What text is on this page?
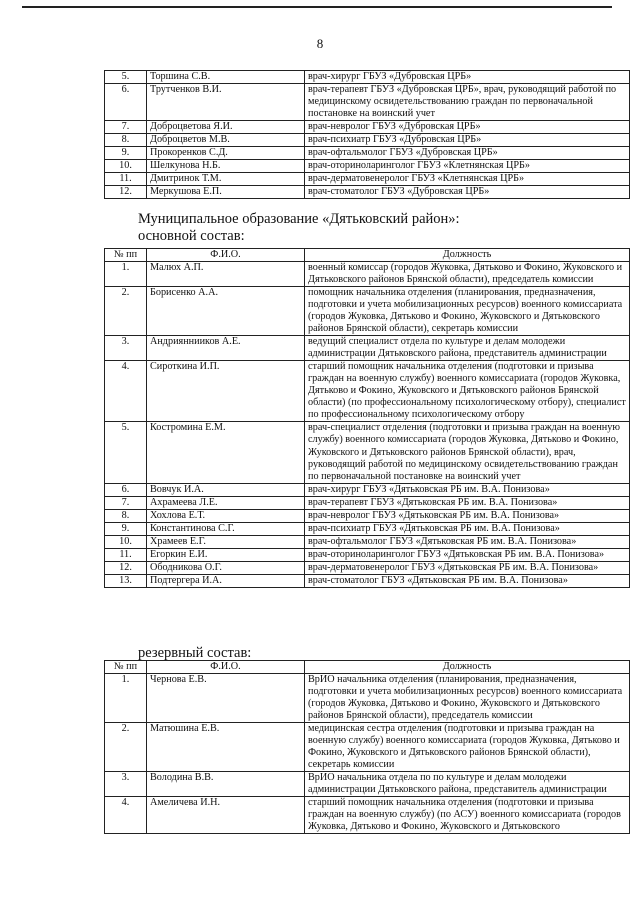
8
5.	Торшина С.В.	врач-хирург ГБУЗ «Дубровская ЦРБ»
6.	Трутченков В.И.	врач-терапевт ГБУЗ «Дубровская ЦРБ», врач, руководящий работой по медицинскому освидетельствованию граждан по первоначальной постановке на воинский учет
7.	Доброцветова Я.И.	врач-невролог ГБУЗ «Дубровская ЦРБ»
8.	Доброцветов М.В.	врач-психиатр ГБУЗ «Дубровская ЦРБ»
9.	Прокоренков С.Д.	врач-офтальмолог ГБУЗ «Дубровская ЦРБ»
10.	Шелкунова Н.Б.	врач-оториноларинголог ГБУЗ «Клетнянская ЦРБ»
11.	Дмитринок Т.М.	врач-дерматовенеролог ГБУЗ «Клетнянская ЦРБ»
12.	Меркушова Е.П.	врач-стоматолог ГБУЗ «Дубровская ЦРБ»
Муниципальное образование «Дятьковский район»:
основной состав:
№ пп	Ф.И.О.	Должность
1.	Малюх А.П.	военный комиссар (городов Жуковка, Дятьково и Фокино, Жуковского и Дятьковского районов Брянской области), председатель комиссии
2.	Борисенко А.А.	помощник начальника отделения (планирования, предназначения, подготовки и учета мобилизационных ресурсов) военного комиссариата (городов Жуковка, Дятьково и Фокино, Жуковского и Дятьковского районов Брянской области), секретарь комиссии
3.	Андрияннииков А.Е.	ведущий специалист отдела по культуре и делам молодежи администрации Дятьковского района, представитель администрации
4.	Сироткина И.П.	старший помощник начальника отделения (подготовки и призыва граждан на военную службу) военного комиссариата (городов Жуковка, Дятьково и Фокино, Жуковского и Дятьковского районов Брянской области) (по профессиональному психологическому отбору), специалист по профессиональному психологическому отбору
5.	Костромина Е.М.	врач-специалист отделения (подготовки и призыва граждан на военную службу) военного комиссариата (городов Жуковка, Дятьково и Фокино, Жуковского и Дятьковского районов Брянской области), врач, руководящий работой по медицинскому освидетельствованию граждан по первоначальной постановке на воинский учет
6.	Вовчук И.А.	врач-хирург ГБУЗ «Дятьковская РБ им. В.А. Понизова»
7.	Ахрамеева Л.Е.	врач-терапевт ГБУЗ «Дятьковская РБ им. В.А. Понизова»
8.	Хохлова Е.Т.	врач-невролог ГБУЗ «Дятьковская РБ им. В.А. Понизова»
9.	Константинова С.Г.	врач-психиатр ГБУЗ «Дятьковская РБ им. В.А. Понизова»
10.	Храмеев Е.Г.	врач-офтальмолог ГБУЗ «Дятьковская РБ им. В.А. Понизова»
11.	Егоркин Е.И.	врач-оториноларинголог ГБУЗ «Дятьковская РБ им. В.А. Понизова»
12.	Ободникова О.Г.	врач-дерматовенеролог ГБУЗ «Дятьковская РБ им. В.А. Понизова»
13.	Подтергера И.А.	врач-стоматолог ГБУЗ «Дятьковская РБ им. В.А. Понизова»
резервный состав:
№ пп	Ф.И.О.	Должность
1.	Чернова Е.В.	ВрИО начальника отделения (планирования, предназначения, подготовки и учета мобилизационных ресурсов) военного комиссариата (городов Жуковка, Дятьково и Фокино, Жуковского и Дятьковского районов Брянской области), председатель комиссии
2.	Матюшина Е.В.	медицинская сестра отделения (подготовки и призыва граждан на военную службу) военного комиссариата (городов Жуковка, Дятьково и Фокино, Жуковского и Дятьковского районов Брянской области), секретарь комиссии
3.	Володина В.В.	ВрИО начальника отдела по по культуре и делам молодежи администрации Дятьковского района, представитель администрации
4.	Амеличева И.Н.	старший помощник начальника отделения (подготовки и призыва граждан на военную службу) (по АСУ) военного комиссариата (городов Жуковка, Дятьково и Фокино, Жуковского и Дятьковского
